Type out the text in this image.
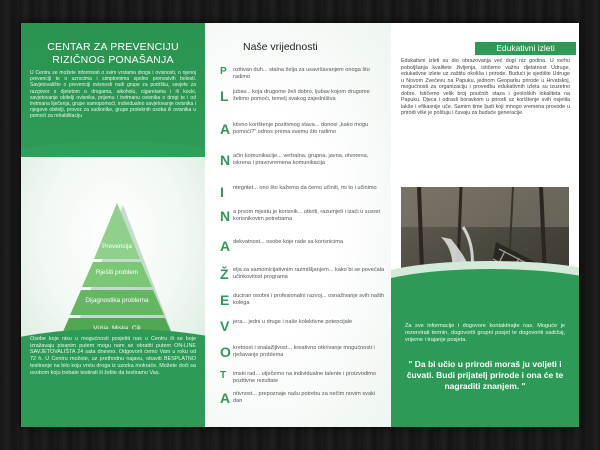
CENTAR ZA PREVENCIJU
RIZIČNOG PONAŠANJA
U Centru se možete informirati o svim vrstama droga i ovisnosti, o njenoj prevenciji te o uzrocima i simptomima spolno prenosivih bolesti. Savjetovalište o prevenciji ovisnosti nudi grupe za podršku, savjete za razgovor s djetetom o drogama, alkoholu, cigaretama i ili kocki, savjetovanje obitelji ovisnika, prijemu i tretmanu ovisnika o drogi te i od tretmana liječenja, grupe samopomoći, individualno savjetovanje ovisnika i njegove obitelji, provoz za sudionike, grupe proteknih osoba ili ovisnika u pomoći za rehabilitaciju
Prevencija
Rješiti problem
Dijagnostika problema
Osobe koje nisu u mogućnosti posjetiti nas u Centru ili se boje izražavaju pisanim putem mogu nam se obratiti putem ON-LINE SAVJETOVALIŠTA 24 sata dnevno. Odgovorit ćemo Vam u roku od 72 h. U Centru možete, uz prethodnu najavu, obaviti BESPLATNO testiranje na bilo koju vrstu droga iz uzorka mokrače. Možete doći sa osobom koju trebate testirati ili želite da testiramo Vas.
Naše vrijednosti
P ozitivan duh... stalna želja za usavršavanjem onoga što radimo
L jubav... koja drugome želi dobro, ljubav kojom drugome želimo pomoći, temelj svakog zajedništva
A ktivno korištenje pozitivnog stava... donosi „kako mogu pomoći?" odnos prema svemu što radimo
N ačin komunikacije... verbalna, grupna, javna, otvorena, iskrena i pravovremena komunikacija
I ntegritet... ono što kažemo da ćemo učiniti, mi to i učinimo
N a prvom mjestu je korisnik... otkriti, razumjeti i izaći u susret korisnikovim potrebama
A dekvatnost... osobe koje rade sa korisnicima
Ž elja za samoinicijativnim razmišljanjem... kako bi se povećala učinkovitost programa
E duciran osobni i profesionalni razvoj... osnaživanje svih naših kolega
V jera... jedni u druge i naše kolektivne potencijale
O kretnost i snalažljivost... kreativno otkrivanje mogućnosti i rješavanje problema
T imski rad... utječemo na individualne talente i proizvodimo pozitivne rezultate
A ntivnost... prepoznaje našu potrebu za nečim novim svaki dan
Edukativni izleti
Edukativni izleti su dio obrazovanja već dugi niz godina. U svrhu poboljšanja kvalitete življenja, ističemo važnu djelatnost Udruge, edukativne izlete uz zaštitu okoliša i prirode. Budući je sjedište Udruge u Novom Zvečevu na Papuku, jednom Geoparku prirode u Hrvatskoj, mogućnosti za organizaciju i provedbu edukativnih izleta su izuzetno dobre. Ističemo velik broj poučnih staza i geoloških lokaliteta na Papuku. Djeca i odrasli boravkom u prirodi uz korištenje svih osjetila lakše i efikasnije uče. Samim time ljudi koji mnogo vremena provode u prirodi više je poštuju i čuvaju za buduće generacije.
Za sve informacije i dogovore kontaktirajte nas. Moguće je rezervirati termin, dogovoriti grupni posjet te dogovoriti sadržaj, vrijeme i trajanje posjeta.
" Da bi učio u prirodi moraš ju voljeti i čuvati. Budi prijatelj prirode i ona će te nagraditi znanjem. "
